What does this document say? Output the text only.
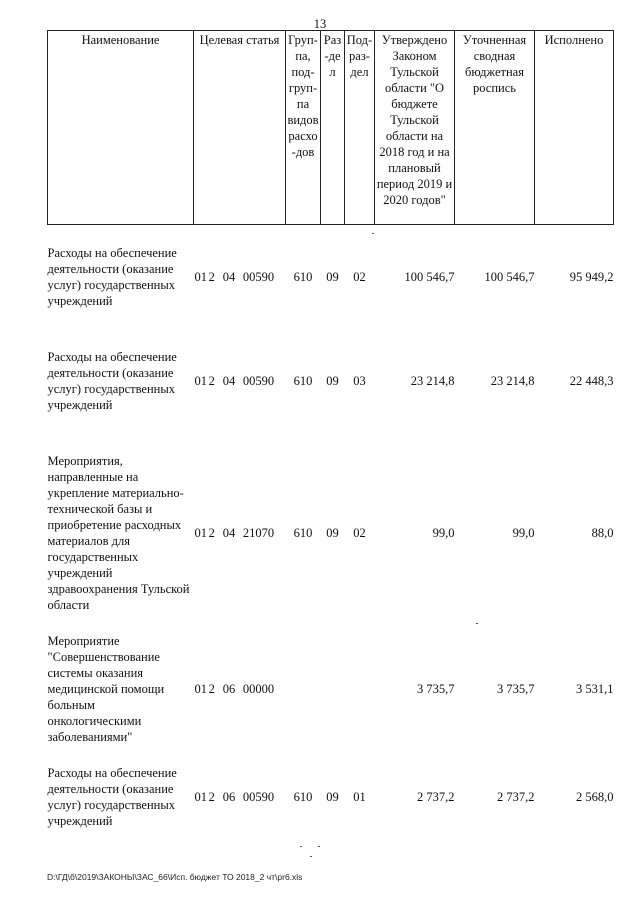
13
Наименование	Целевая статья	Груп-па, под-груп-па видов расхо-дов	Раз-дел	Под-раз-дел	Утверждено Законом Тульской области "О бюджете Тульской области на 2018 год и на плановый период 2019 и 2020 годов"	Уточненная сводная бюджетная роспись	Исполнено

Расходы на обеспечение деятельности (оказание услуг) государственных учреждений	01 2 04 00590	610	09	02	100 546,7	100 546,7	95 949,2

Расходы на обеспечение деятельности (оказание услуг) государственных учреждений	01 2 04 00590	610	09	03	23 214,8	23 214,8	22 448,3

Мероприятия, направленные на укрепление материально-технической базы и приобретение расходных материалов для государственных учреждений здравоохранения Тульской области	01 2 04 21070	610	09	02	99,0	99,0	88,0

Мероприятие "Совершенствование системы оказания медицинской помощи больным онкологическими заболеваниями"	01 2 06 00000				3 735,7	3 735,7	3 531,1

Расходы на обеспечение деятельности (оказание услуг) государственных учреждений	01 2 06 00590	610	09	01	2 737,2	2 737,2	2 568,0
D:\ГД\б\2019\ЗАКОНЫ\ЗАС_66\Исп. бюджет ТО 2018_2 чт\pr6.xls
